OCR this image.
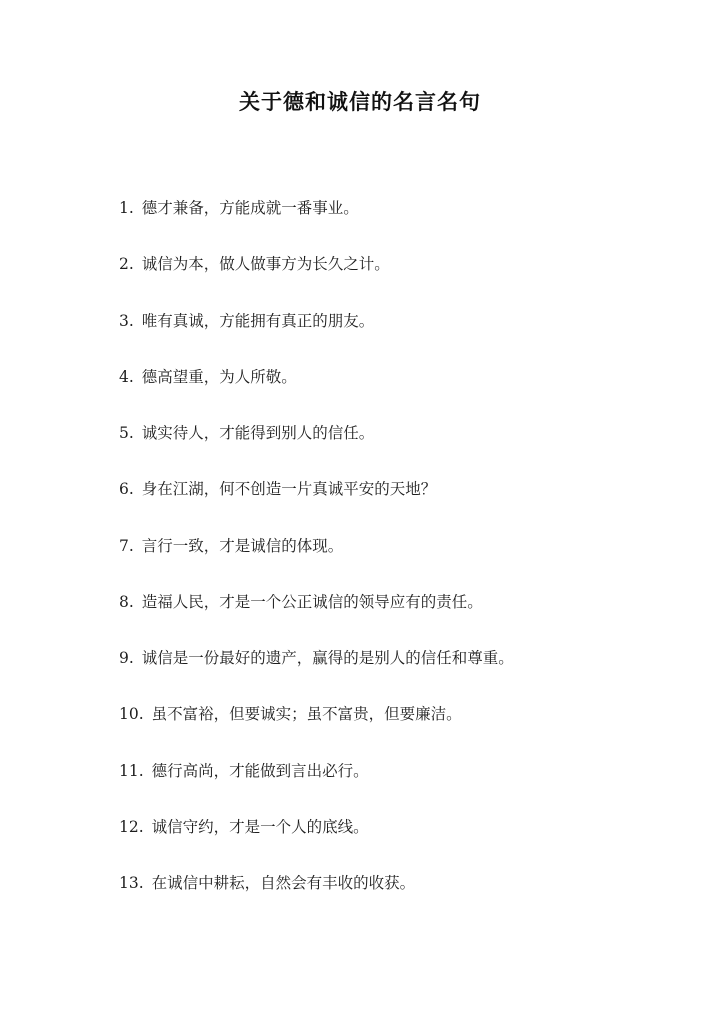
关于德和诚信的名言名句
1. 德才兼备，方能成就一番事业。
2. 诚信为本，做人做事方为长久之计。
3. 唯有真诚，方能拥有真正的朋友。
4. 德高望重，为人所敬。
5. 诚实待人，才能得到别人的信任。
6. 身在江湖，何不创造一片真诚平安的天地？
7. 言行一致，才是诚信的体现。
8. 造福人民，才是一个公正诚信的领导应有的责任。
9. 诚信是一份最好的遗产，赢得的是别人的信任和尊重。
10. 虽不富裕，但要诚实；虽不富贵，但要廉洁。
11. 德行高尚，才能做到言出必行。
12. 诚信守约，才是一个人的底线。
13. 在诚信中耕耘，自然会有丰收的收获。
